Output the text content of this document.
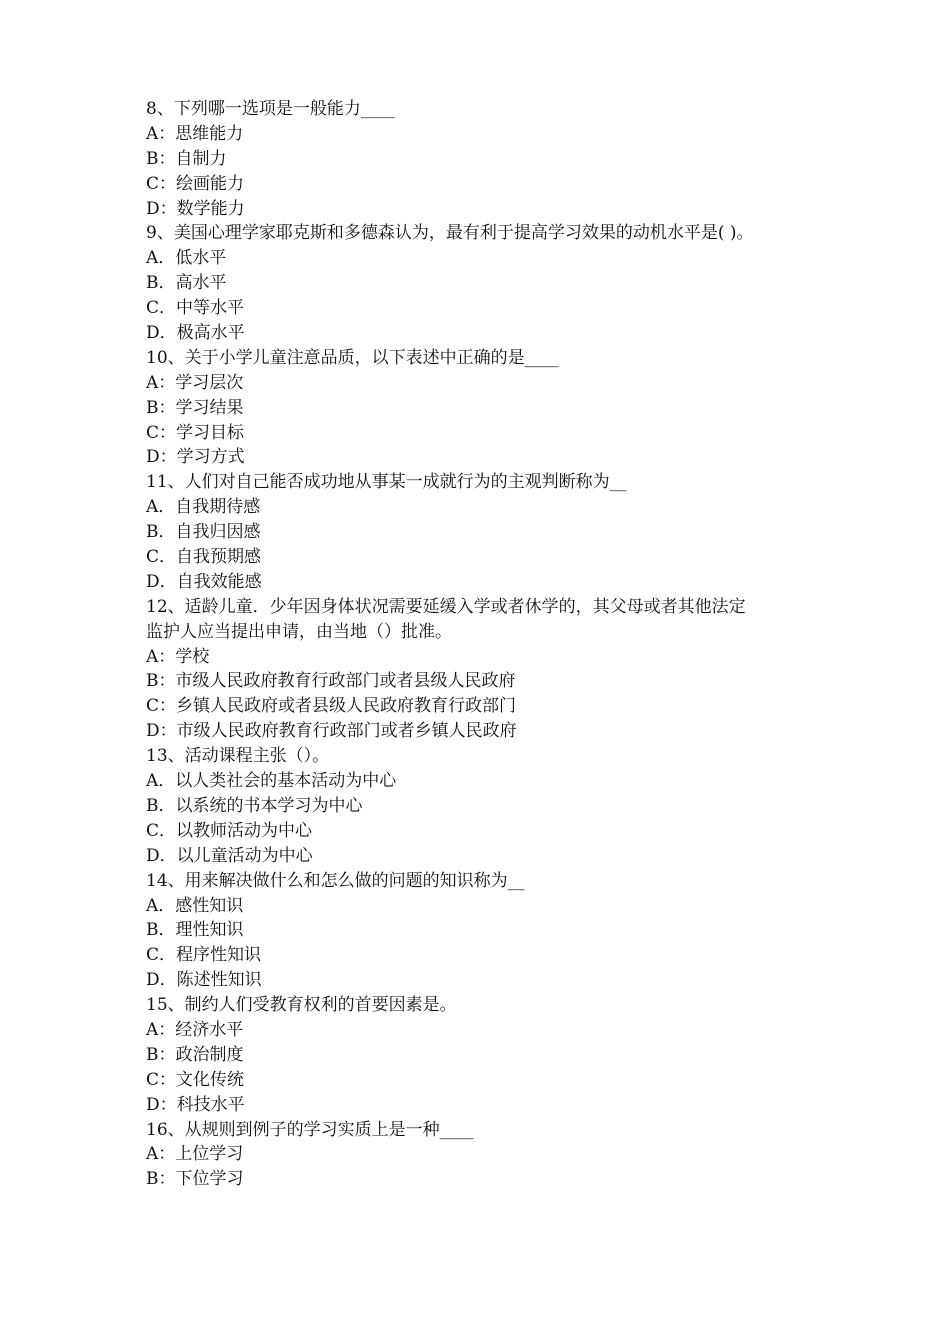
8、下列哪一选项是一般能力____
A：思维能力
B：自制力
C：绘画能力
D：数学能力
9、美国心理学家耶克斯和多德森认为，最有利于提高学习效果的动机水平是( )。
A．低水平
B．高水平
C．中等水平
D．极高水平
10、关于小学儿童注意品质，以下表述中正确的是____
A：学习层次
B：学习结果
C：学习目标
D：学习方式
11、人们对自己能否成功地从事某一成就行为的主观判断称为__
A．自我期待感
B．自我归因感
C．自我预期感
D．自我效能感
12、适龄儿童．少年因身体状况需要延缓入学或者休学的，其父母或者其他法定
监护人应当提出申请，由当地（）批准。
A：学校
B：市级人民政府教育行政部门或者县级人民政府
C：乡镇人民政府或者县级人民政府教育行政部门
D：市级人民政府教育行政部门或者乡镇人民政府
13、活动课程主张（）。
A．以人类社会的基本活动为中心
B．以系统的书本学习为中心
C．以教师活动为中心
D．以儿童活动为中心
14、用来解决做什么和怎么做的问题的知识称为__
A．感性知识
B．理性知识
C．程序性知识
D．陈述性知识
15、制约人们受教育权利的首要因素是。
A：经济水平
B：政治制度
C：文化传统
D：科技水平
16、从规则到例子的学习实质上是一种____
A：上位学习
B：下位学习
